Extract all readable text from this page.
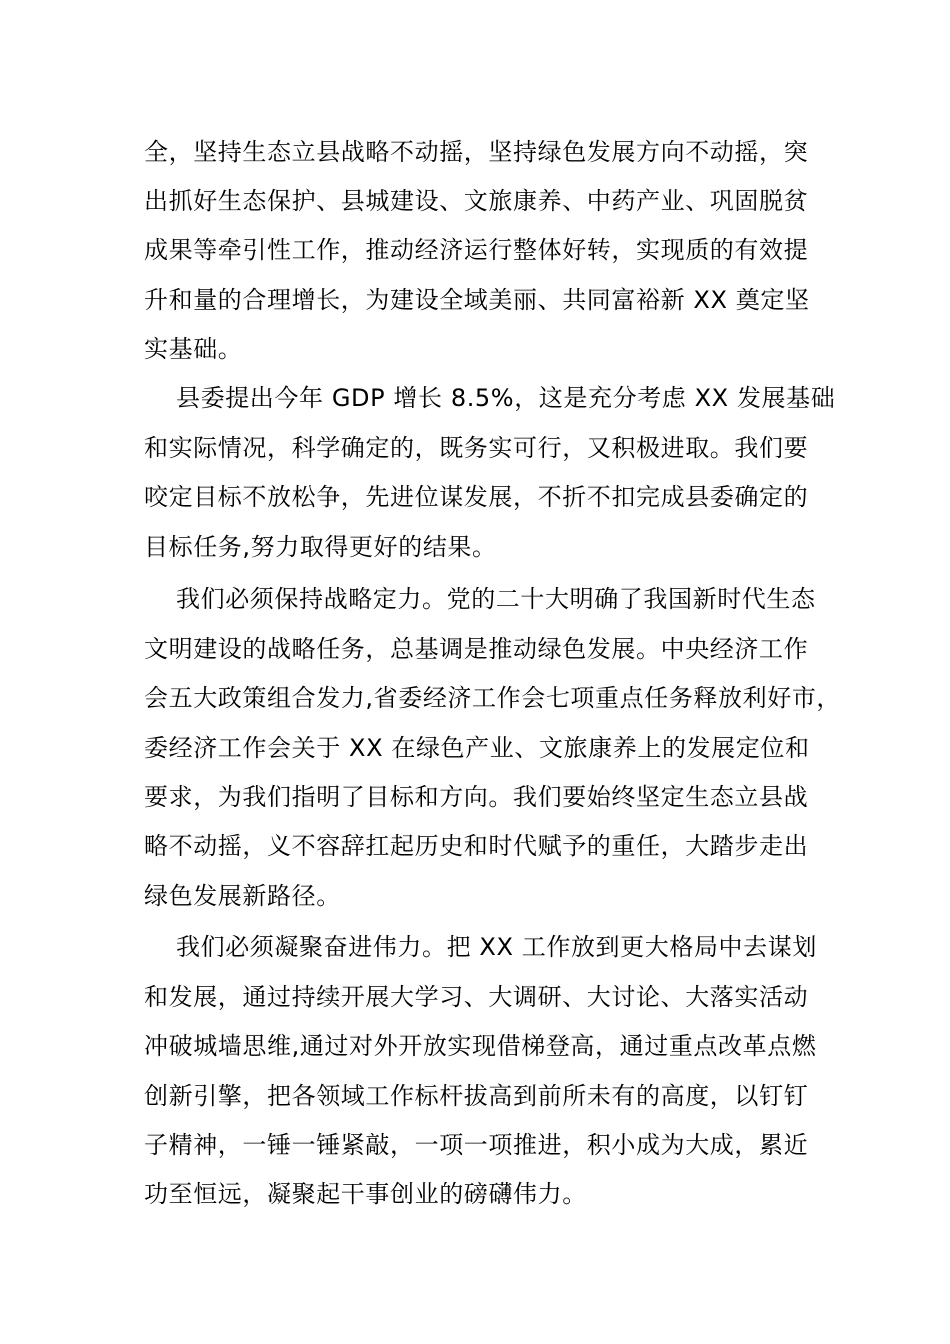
全，坚持生态立县战略不动摇，坚持绿色发展方向不动摇，突
出抓好生态保护、县城建设、文旅康养、中药产业、巩固脱贫
成果等牵引性工作，推动经济运行整体好转，实现质的有效提
升和量的合理增长，为建设全域美丽、共同富裕新 XX 奠定坚
实基础。
县委提出今年 GDP 增长 8.5%，这是充分考虑 XX 发展基础
和实际情况，科学确定的，既务实可行，又积极进取。我们要
咬定目标不放松争，先进位谋发展，不折不扣完成县委确定的
目标任务,努力取得更好的结果。
我们必须保持战略定力。党的二十大明确了我国新时代生态
文明建设的战略任务，总基调是推动绿色发展。中央经济工作
会五大政策组合发力,省委经济工作会七项重点任务释放利好市，
委经济工作会关于 XX 在绿色产业、文旅康养上的发展定位和
要求，为我们指明了目标和方向。我们要始终坚定生态立县战
略不动摇，义不容辞扛起历史和时代赋予的重任，大踏步走出
绿色发展新路径。
我们必须凝聚奋进伟力。把 XX 工作放到更大格局中去谋划
和发展，通过持续开展大学习、大调研、大讨论、大落实活动
冲破城墙思维,通过对外开放实现借梯登高，通过重点改革点燃
创新引擎，把各领域工作标杆拔高到前所未有的高度，以钉钉
子精神，一锤一锤紧敲，一项一项推进，积小成为大成，累近
功至恒远，凝聚起干事创业的磅礴伟力。
